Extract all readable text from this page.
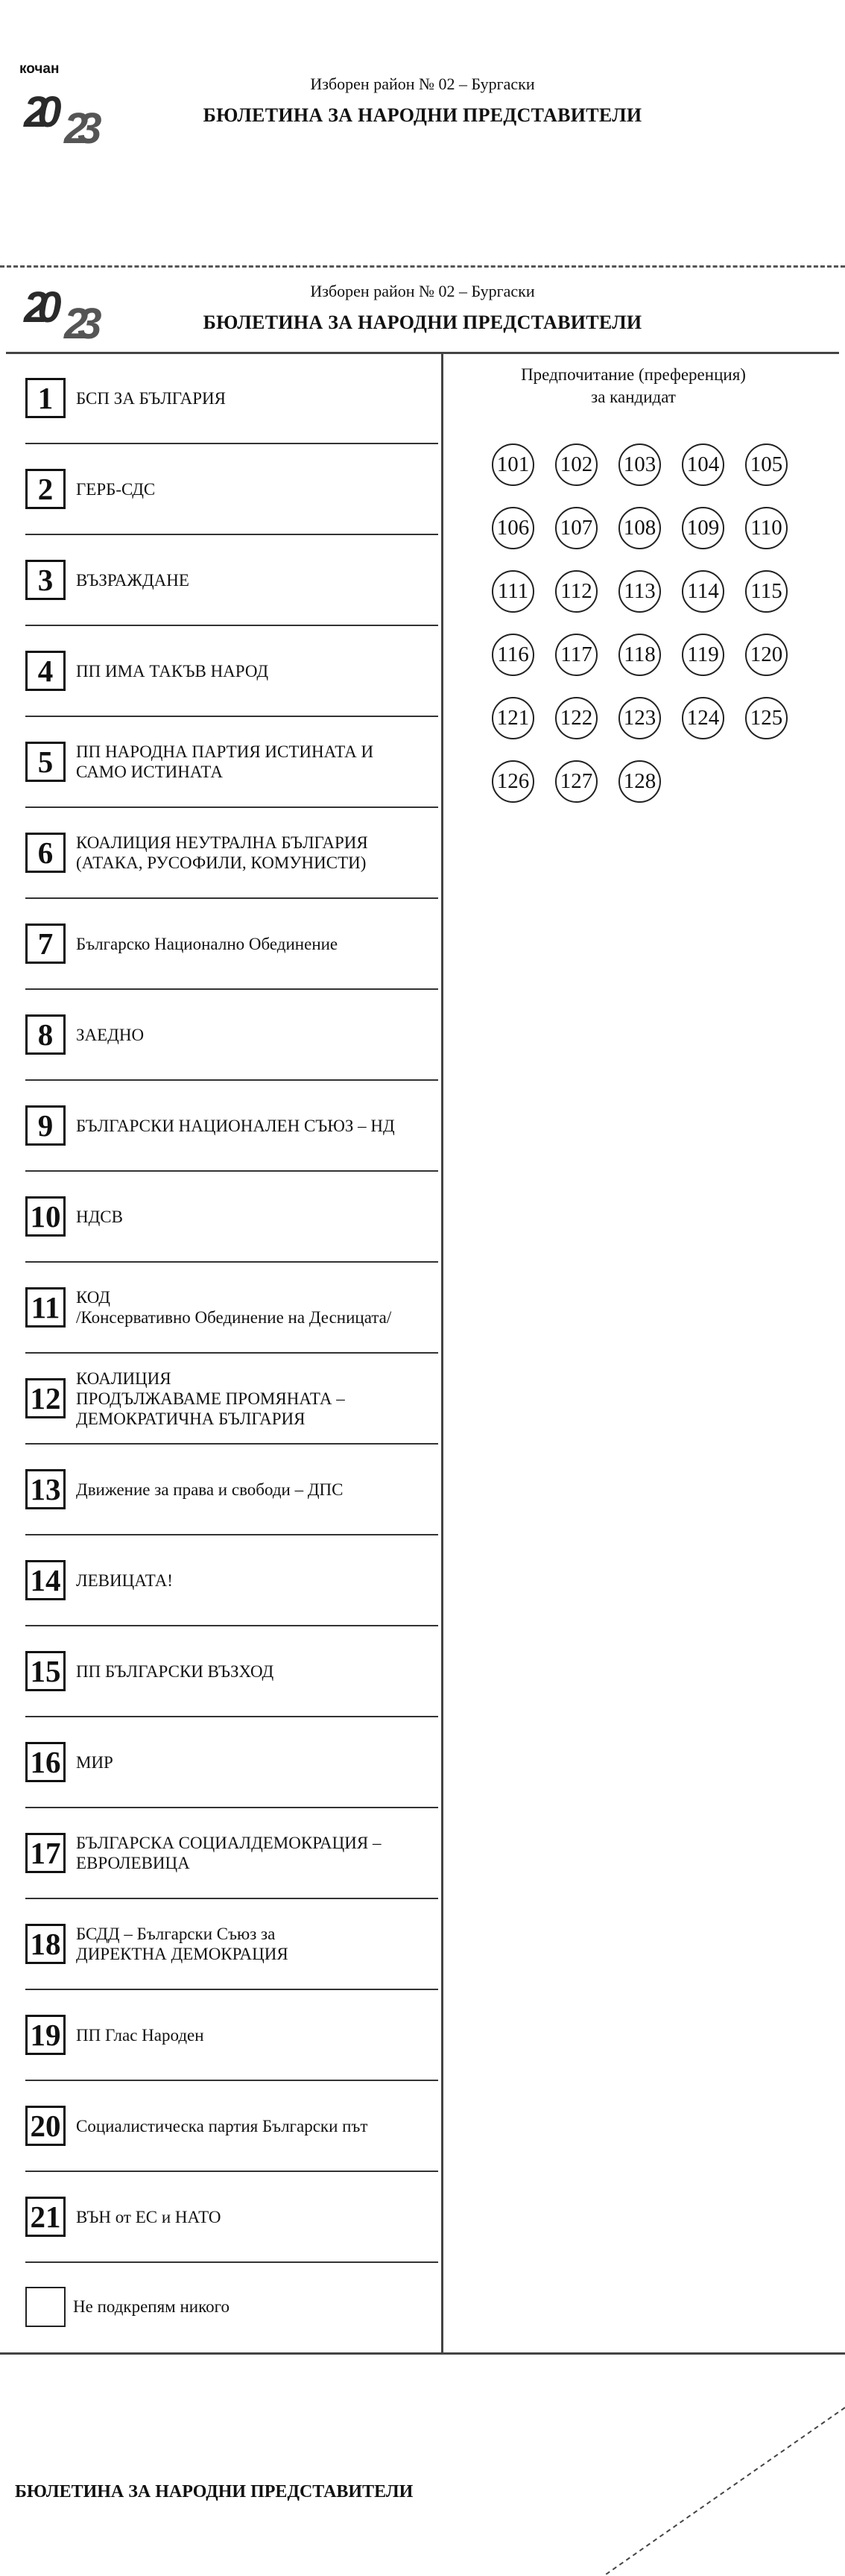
кочан
20 23
Изборен район № 02 – Бургаски
БЮЛЕТИНА ЗА НАРОДНИ ПРЕДСТАВИТЕЛИ
20 23
Изборен район № 02 – Бургаски
БЮЛЕТИНА ЗА НАРОДНИ ПРЕДСТАВИТЕЛИ
1	БСП ЗА БЪЛГАРИЯ
2	ГЕРБ-СДС
3	ВЪЗРАЖДАНЕ
4	ПП ИМА ТАКЪВ НАРОД
5	ПП НАРОДНА ПАРТИЯ ИСТИНАТА И
САМО ИСТИНАТА
6	КОАЛИЦИЯ НЕУТРАЛНА БЪЛГАРИЯ
(АТАКА, РУСОФИЛИ, КОМУНИСТИ)
7	Българско Национално Обединение
8	ЗАЕДНО
9	БЪЛГАРСКИ НАЦИОНАЛЕН СЪЮЗ – НД
10 НДСВ
11 КОД
/Консервативно Обединение на Десницата/
12
КОАЛИЦИЯ
ПРОДЪЛЖАВАМЕ ПРОМЯНАТА –
ДЕМОКРАТИЧНА БЪЛГАРИЯ
13 Движение за права и свободи – ДПС
14 ЛЕВИЦАТА!
15 ПП БЪЛГАРСКИ ВЪЗХОД
16 МИР
17 БЪЛГАРСКА СОЦИАЛДЕМОКРАЦИЯ –
ЕВРОЛЕВИЦА
18 БСДД – Български Съюз за
ДИРЕКТНА ДЕМОКРАЦИЯ
19 ПП Глас Народен
20 Социалистическа партия Български път
21 ВЪН от ЕС и НАТО
Не подкрепям никого
Предпочитание (преференция)
за кандидат
101 102 103 104 105
106 107 108 109 110
111 112 113 114 115
116 117 118 119 120
121 122 123 124 125
126 127 128
БЮЛЕТИНА ЗА НАРОДНИ ПРЕДСТАВИТЕЛИ
